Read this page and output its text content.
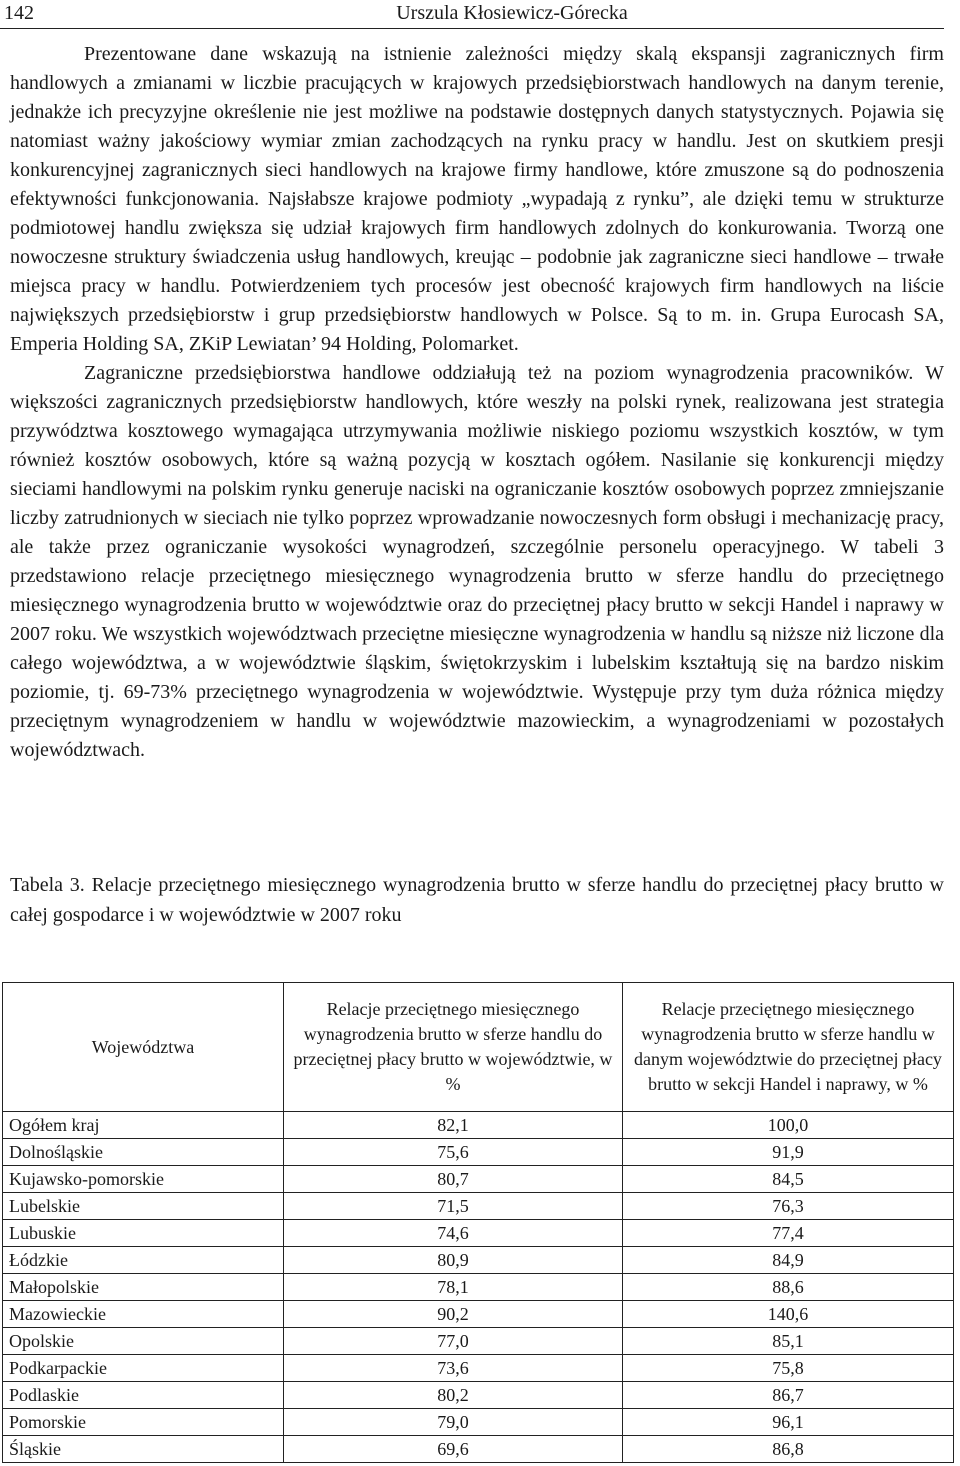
142	Urszula Kłosiewicz-Górecka

Prezentowane dane wskazują na istnienie zależności między skalą ekspansji zagranicznych firm handlowych a zmianami w liczbie pracujących w krajowych przedsiębiorstwach handlowych na danym terenie, jednakże ich precyzyjne określenie nie jest możliwe na podstawie dostępnych danych statystycznych. Pojawia się natomiast ważny jakościowy wymiar zmian zachodzących na rynku pracy w handlu. Jest on skutkiem presji konkurencyjnej zagranicznych sieci handlowych na krajowe firmy handlowe, które zmuszone są do podnoszenia efektywności funkcjonowania. Najsłabsze krajowe podmioty „wypadają z rynku”, ale dzięki temu w strukturze podmiotowej handlu zwiększa się udział krajowych firm handlowych zdolnych do konkurowania. Tworzą one nowoczesne struktury świadczenia usług handlowych, kreując – podobnie jak zagraniczne sieci handlowe – trwałe miejsca pracy w handlu. Potwierdzeniem tych procesów jest obecność krajowych firm handlowych na liście największych przedsiębiorstw i grup przedsiębiorstw handlowych w Polsce. Są to m. in. Grupa Eurocash SA, Emperia Holding SA, ZKiP Lewiatan’ 94 Holding, Polomarket.

Zagraniczne przedsiębiorstwa handlowe oddziałują też na poziom wynagrodzenia pracowników. W większości zagranicznych przedsiębiorstw handlowych, które weszły na polski rynek, realizowana jest strategia przywództwa kosztowego wymagająca utrzymywania możliwie niskiego poziomu wszystkich kosztów, w tym również kosztów osobowych, które są ważną pozycją w kosztach ogółem. Nasilanie się konkurencji między sieciami handlowymi na polskim rynku generuje naciski na ograniczanie kosztów osobowych poprzez zmniejszanie liczby zatrudnionych w sieciach nie tylko poprzez wprowadzanie nowoczesnych form obsługi i mechanizację pracy, ale także przez ograniczanie wysokości wynagrodzeń, szczególnie personelu operacyjnego. W tabeli 3 przedstawiono relacje przeciętnego miesięcznego wynagrodzenia brutto w sferze handlu do przeciętnego miesięcznego wynagrodzenia brutto w województwie oraz do przeciętnej płacy brutto w sekcji Handel i naprawy w 2007 roku. We wszystkich województwach przeciętne miesięczne wynagrodzenia w handlu są niższe niż liczone dla całego województwa, a w województwie śląskim, świętokrzyskim i lubelskim kształtują się na bardzo niskim poziomie, tj. 69-73% przeciętnego wynagrodzenia w województwie. Występuje przy tym duża różnica między przeciętnym wynagrodzeniem w handlu w województwie mazowieckim, a wynagrodzeniami w pozostałych województwach.

Tabela 3. Relacje przeciętnego miesięcznego wynagrodzenia brutto w sferze handlu do przeciętnej płacy brutto w całej gospodarce i w województwie w 2007 roku
Województwa	Relacje przeciętnego miesięcznego wynagrodzenia brutto w sferze handlu do przeciętnej płacy brutto w województwie, w %	Relacje przeciętnego miesięcznego wynagrodzenia brutto w sferze handlu w danym województwie do przeciętnej płacy brutto w sekcji Handel i naprawy, w %
Ogółem kraj	82,1	100,0
Dolnośląskie	75,6	91,9
Kujawsko-pomorskie	80,7	84,5
Lubelskie	71,5	76,3
Lubuskie	74,6	77,4
Łódzkie	80,9	84,9
Małopolskie	78,1	88,6
Mazowieckie	90,2	140,6
Opolskie	77,0	85,1
Podkarpackie	73,6	75,8
Podlaskie	80,2	86,7
Pomorskie	79,0	96,1
Śląskie	69,6	86,8
